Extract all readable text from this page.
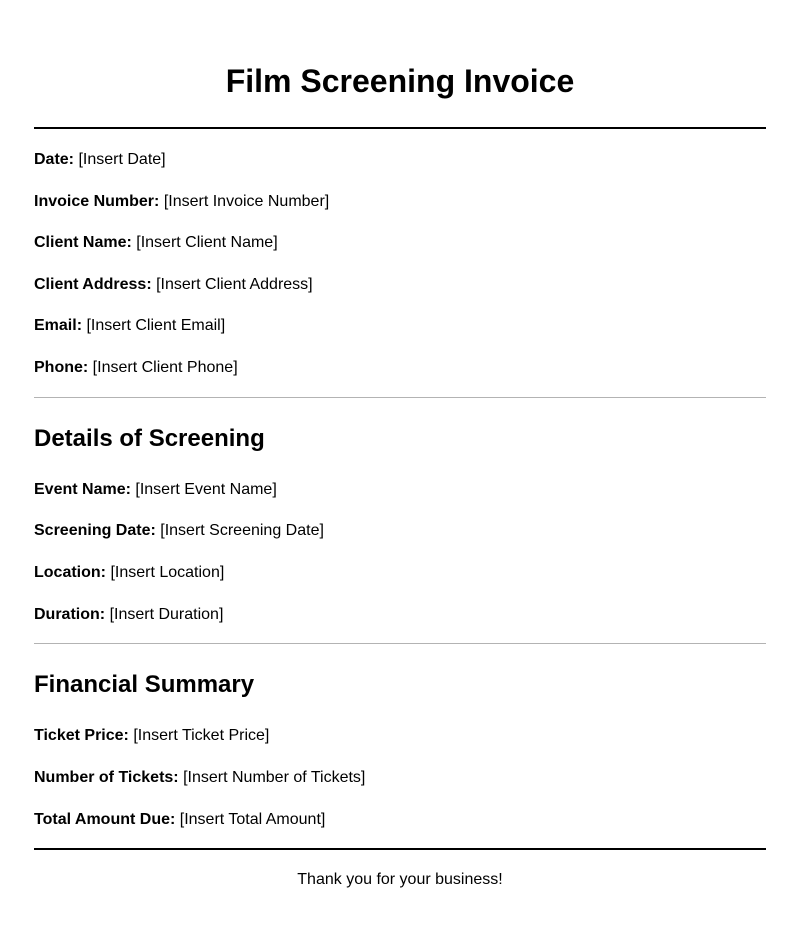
Film Screening Invoice
Date: [Insert Date]
Invoice Number: [Insert Invoice Number]
Client Name: [Insert Client Name]
Client Address: [Insert Client Address]
Email: [Insert Client Email]
Phone: [Insert Client Phone]
Details of Screening
Event Name: [Insert Event Name]
Screening Date: [Insert Screening Date]
Location: [Insert Location]
Duration: [Insert Duration]
Financial Summary
Ticket Price: [Insert Ticket Price]
Number of Tickets: [Insert Number of Tickets]
Total Amount Due: [Insert Total Amount]
Thank you for your business!
